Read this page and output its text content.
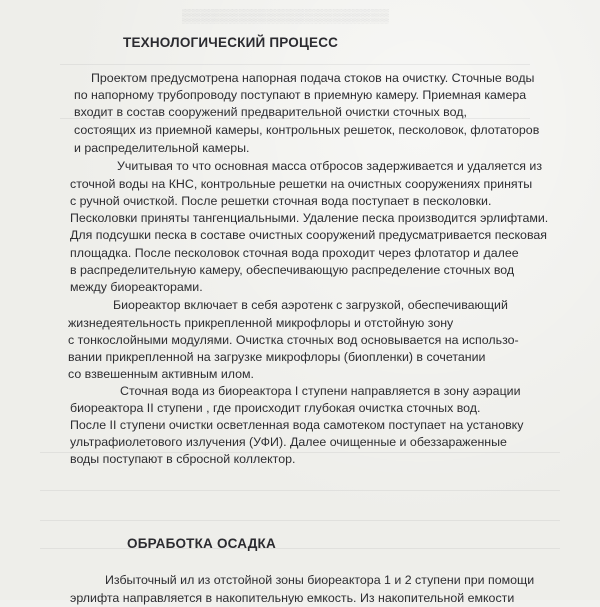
▒▒▒▒▒▒▒▒▒▒▒▒▒▒▒▒▒▒▒▒▒▒
ТЕХНОЛОГИЧЕСКИЙ ПРОЦЕСС
Проектом предусмотрена напорная подача стоков на очистку. Сточные воды
по напорному трубопроводу поступают в приемную камеру. Приемная камера
входит в состав сооружений предварительной очистки сточных вод,
состоящих из приемной камеры, контрольных решеток, песколовок, флотаторов
и распределительной камеры.
Учитывая то что основная масса отбросов задерживается и удаляется из
сточной воды на КНС, контрольные решетки на очистных сооружениях приняты
с ручной очисткой. После решетки сточная вода поступает в песколовки.
Песколовки приняты тангенциальными. Удаление песка производится эрлифтами.
Для подсушки песка в составе очистных сооружений предусматривается песковая
площадка. После песколовок сточная вода проходит через флотатор и далее
в распределительную камеру, обеспечивающую распределение сточных вод
между биореакторами.
Биореактор включает в себя аэротенк с загрузкой, обеспечивающий
жизнедеятельность прикрепленной микрофлоры и отстойную зону
с тонкослойными модулями. Очистка сточных вод основывается на использо-
вании прикрепленной на загрузке микрофлоры (биопленки) в сочетании
со взвешенным активным илом.
Сточная вода из биореактора I ступени направляется в зону аэрации
биореактора II ступени , где происходит глубокая очистка сточных вод.
После II ступени очистки осветленная вода самотеком поступает на установку
ультрафиолетового излучения (УФИ). Далее очищенные и обеззараженные
воды поступают в сбросной коллектор.
ОБРАБОТКА ОСАДКА
Избыточный ил из отстойной зоны биореактора 1 и 2 ступени при помощи
эрлифта направляется в накопительную емкость. Из накопительной емкости
